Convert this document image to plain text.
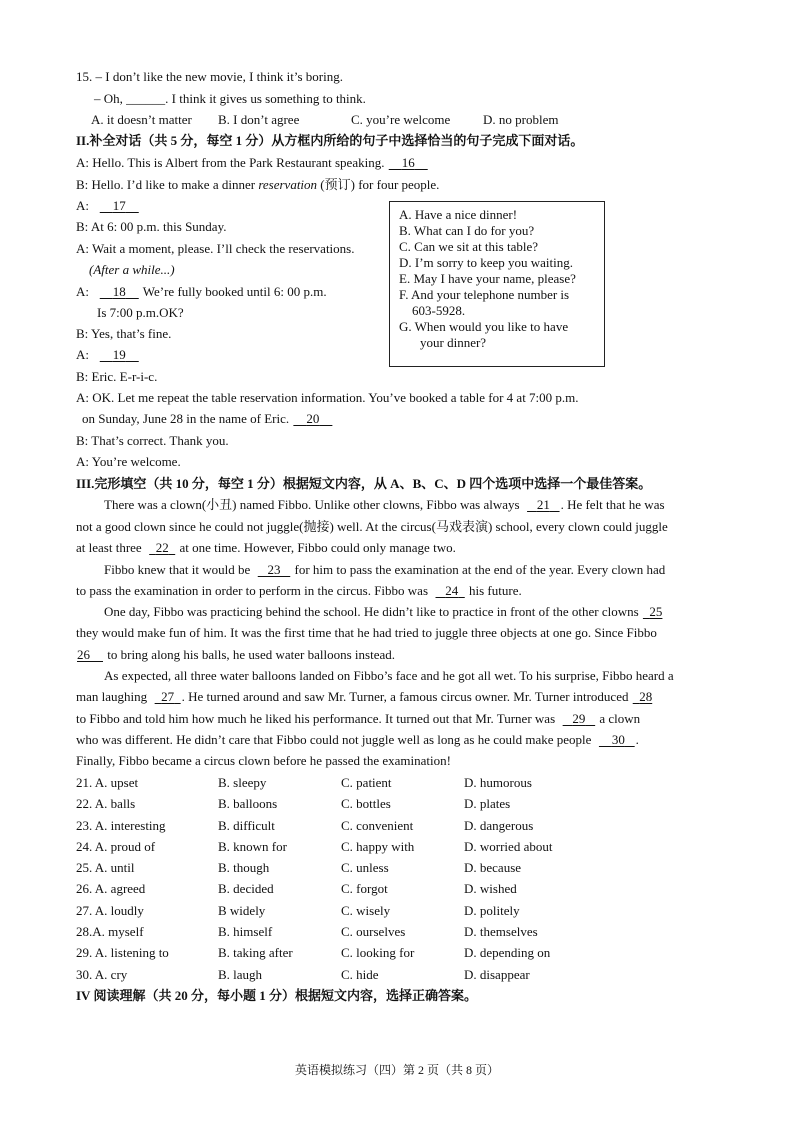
15. – I don’t like the new movie, I think it’s boring.
– Oh, ______. I think it gives us something to think.
A. it doesn’t matter B. I don’t agree	C. you’re welcome	D. no problem
II.补全对话（共 5 分，每空 1 分）从方框内所给的句子中选择恰当的句子完成下面对话。
A: Hello. This is Albert from the Park Restaurant speaking.     16
B: Hello. I’d like to make a dinner reservation (预订) for four people.
A:       17
B: At 6: 00 p.m. this Sunday.
A: Wait a moment, please. I’ll check the reservations.
(After a while...)
A:       18     We’re fully booked until 6: 00 p.m.
Is 7:00 p.m.OK?
B: Yes, that’s fine.
A:       19
B: Eric. E-r-i-c.
A: OK. Let me repeat the table reservation information. You’ve booked a table for 4 at 7:00 p.m.
on Sunday, June 28 in the name of Eric.     20
B: That’s correct. Thank you.
A: You’re welcome.
A. Have a nice dinner!
B. What can I do for you?
C. Can we sit at this table?
D. I’m sorry to keep you waiting.
E. May I have your name, please?
F. And your telephone number is
603-5928.
G. When would you like to have
your dinner?
III.完形填空（共 10 分，每空 1 分）根据短文内容，从 A、B、C、D 四个选项中选择一个最佳答案。
There was a clown(小丑) named Fibbo. Unlike other clowns, Fibbo was always     21 . He felt that he was
not a good clown since he could not juggle(抛接) well. At the circus(马戏表演) school, every clown could juggle
at least three    22   at one time. However, Fibbo could only manage two.
Fibbo knew that it would be     23    for him to pass the examination at the end of the year. Every clown had
to pass the examination in order to perform in the circus. Fibbo was     24   his future.
One day, Fibbo was practicing behind the school. He didn’t like to practice in front of the other clowns   25
they would make fun of him. It was the first time that he had tried to juggle three objects at one go. Since Fibbo
26     to bring along his balls, he used water balloons instead.
As expected, all three water balloons landed on Fibbo’s face and he got all wet. To his surprise, Fibbo heard a
man laughing    27 . He turned around and saw Mr. Turner, a famous circus owner. Mr. Turner introduced   28
to Fibbo and told him how much he liked his performance. It turned out that Mr. Turner was     29    a clown
who was different. He didn’t care that Fibbo could not juggle well as long as he could make people      30 .
Finally, Fibbo became a circus clown before he passed the examination!
21. A. upset	B. sleepy	C. patient	D. humorous
22. A. balls	B. balloons	C. bottles	D. plates
23. A. interesting	B. difficult	C. convenient	D. dangerous
24. A. proud of	B. known for	C. happy with	D. worried about
25. A. until	B. though	C. unless	D. because
26. A. agreed	B. decided	C. forgot	D. wished
27. A. loudly	B widely	C. wisely	D. politely
28.A. myself	B. himself	C. ourselves	D. themselves
29. A. listening to	B. taking after	C. looking for	D. depending on
30. A. cry	B. laugh	C. hide	D. disappear
IV 阅读理解（共 20 分，每小题 1 分）根据短文内容，选择正确答案。
英语模拟练习（四）第 2 页（共 8 页）
